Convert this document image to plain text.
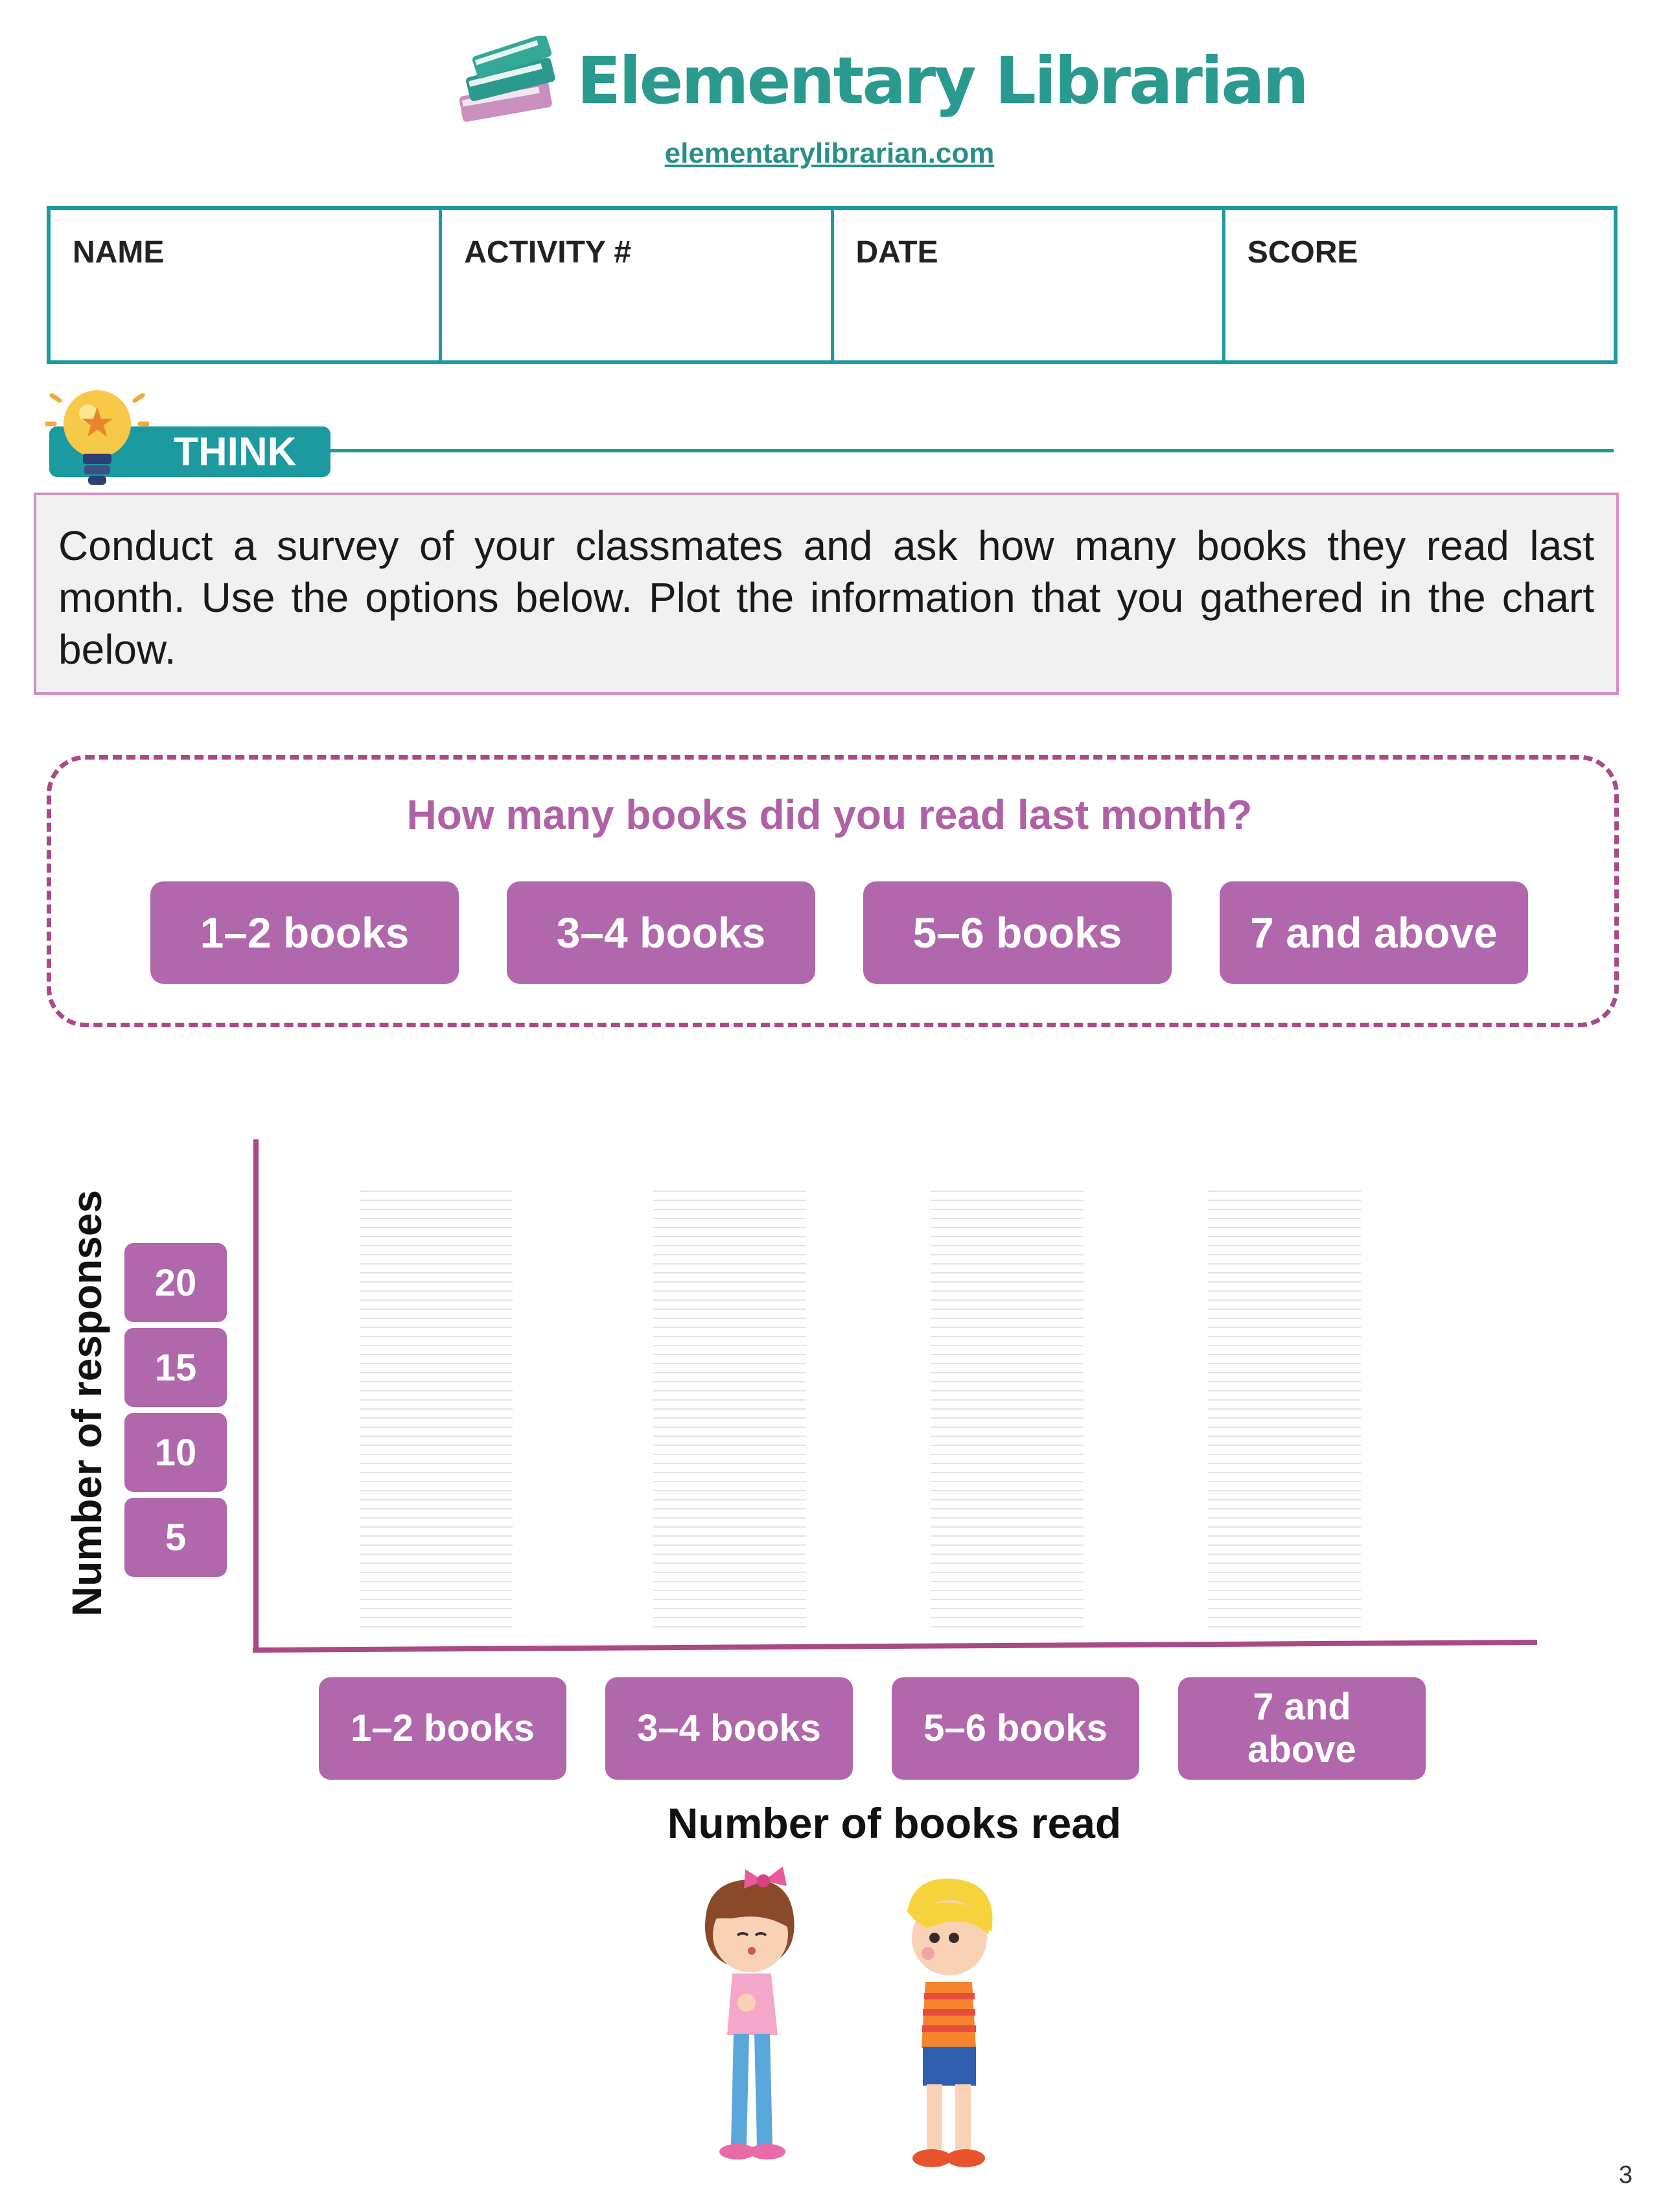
Elementary Librarian
elementarylibrarian.com
NAME	ACTIVITY #	DATE	SCORE
THINK
Conduct a survey of your classmates and ask how many books they read last month. Use the options below. Plot the information that you gathered in the chart below.
How many books did you read last month?
1–2 books	3–4 books	5–6 books	7 and above
Number of responses	20
15
10
5
1–2 books	3–4 books	5–6 books
7 and above
Number of books read
3
